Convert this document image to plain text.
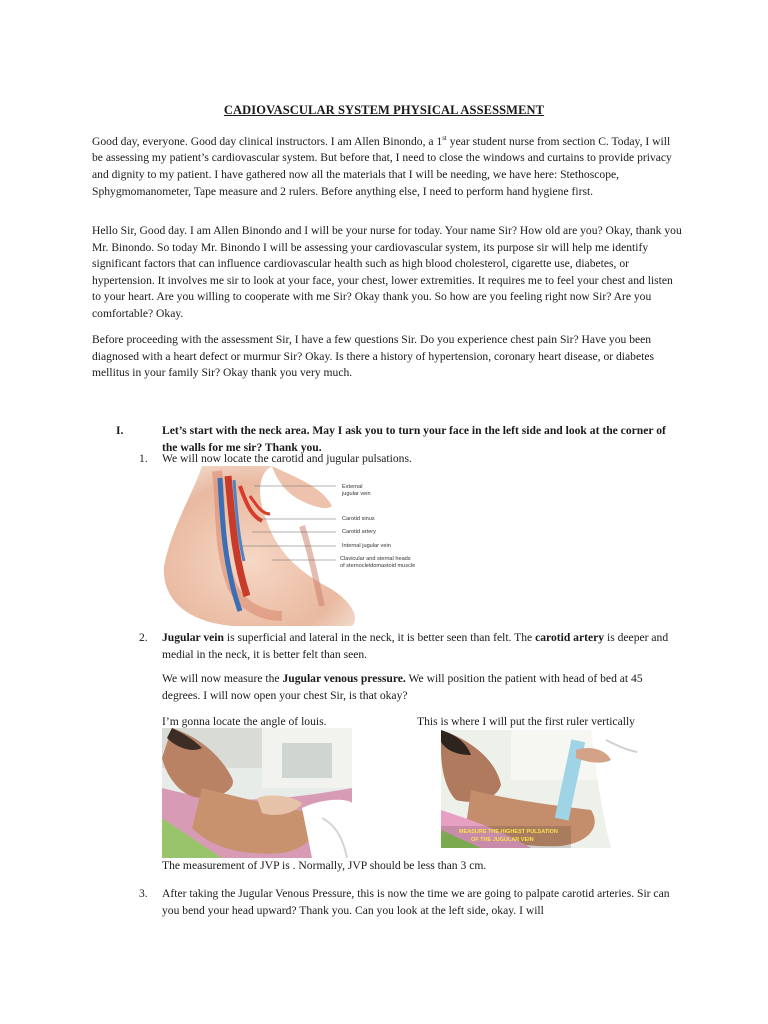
CADIOVASCULAR SYSTEM PHYSICAL ASSESSMENT

Good day, everyone. Good day clinical instructors. I am Allen Binondo, a 1st year student nurse from section C. Today, I will be assessing my patient’s cardiovascular system. But before that, I need to close the windows and curtains to provide privacy and dignity to my patient. I have gathered now all the materials that I will be needing, we have here: Stethoscope, Sphygmomanometer, Tape measure and 2 rulers. Before anything else, I need to perform hand hygiene first.

Hello Sir, Good day. I am Allen Binondo and I will be your nurse for today. Your name Sir? How old are you? Okay, thank you Mr. Binondo. So today Mr. Binondo I will be assessing your cardiovascular system, its purpose sir will help me identify significant factors that can influence cardiovascular health such as high blood cholesterol, cigarette use, diabetes, or hypertension. It involves me sir to look at your face, your chest, lower extremities. It requires me to feel your chest and listen to your heart. Are you willing to cooperate with me Sir? Okay thank you. So how are you feeling right now Sir? Are you comfortable? Okay.

Before proceeding with the assessment Sir, I have a few questions Sir. Do you experience chest pain Sir? Have you been diagnosed with a heart defect or murmur Sir? Okay. Is there a history of hypertension, coronary heart disease, or diabetes mellitus in your family Sir? Okay thank you very much.

I.	Let’s start with the neck area. May I ask you to turn your face in the left side and look at the corner of the walls for me sir? Thank you.

1. We will now locate the carotid and jugular pulsations.

External
jugular vein
Carotid sinus
Carotid artery
Internal jugular vein
Clavicular and sternal heads
of sternocleidomastoid muscle
2. Jugular vein is superficial and lateral in the neck, it is better seen than felt. The carotid artery is deeper and medial in the neck, it is better felt than seen.

We will now measure the Jugular venous pressure. We will position the patient with head of bed at 45 degrees. I will now open your chest Sir, is that okay?

I’m gonna locate the angle of louis.	This is where I will put the first ruler vertically
MEASURE THE HIGHEST PULSATION
OF THE JUGULAR VEIN
The measurement of JVP is . Normally, JVP should be less than 3 cm.
3. After taking the Jugular Venous Pressure, this is now the time we are going to palpate carotid arteries. Sir can you bend your head upward? Thank you. Can you look at the left side, okay. I will
